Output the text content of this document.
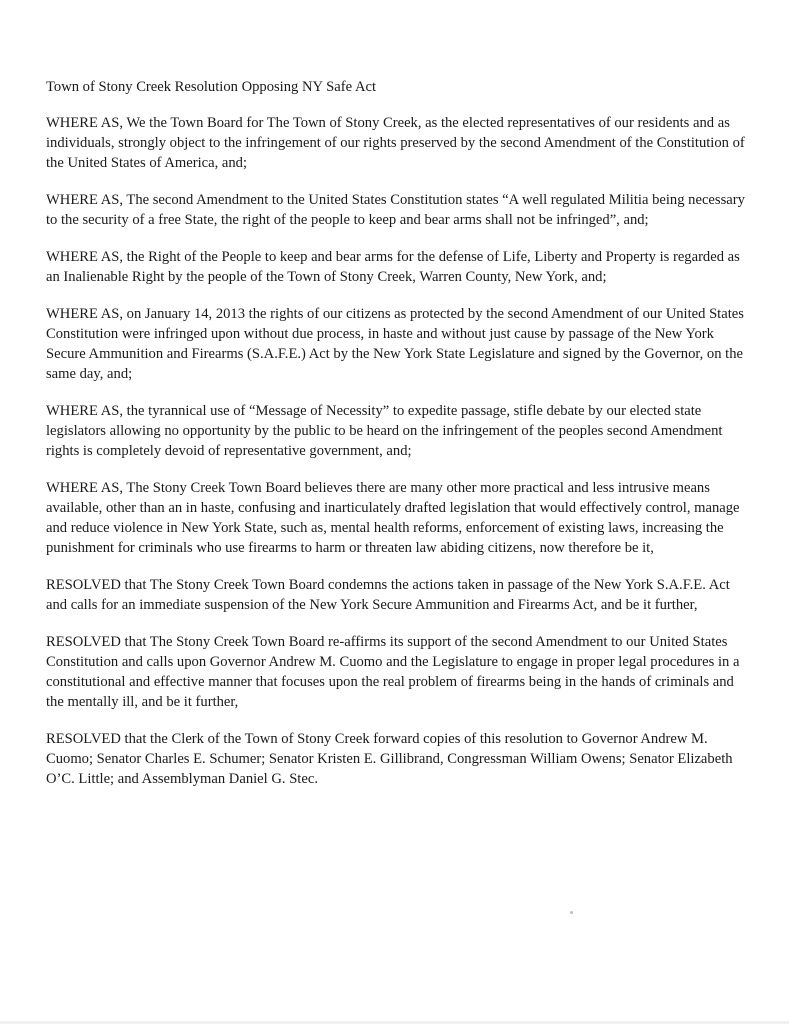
Town of Stony Creek Resolution Opposing NY Safe Act

WHERE AS, We the Town Board for The Town of Stony Creek, as the elected representatives of our residents and as individuals, strongly object to the infringement of our rights preserved by the second Amendment of the Constitution of the United States of America, and;

WHERE AS, The second Amendment to the United States Constitution states “A well regulated Militia being necessary to the security of a free State, the right of the people to keep and bear arms shall not be infringed”, and;

WHERE AS, the Right of the People to keep and bear arms for the defense of Life, Liberty and Property is regarded as an Inalienable Right by the people of the Town of Stony Creek, Warren County, New York, and;

WHERE AS, on January 14, 2013 the rights of our citizens as protected by the second Amendment of our United States Constitution were infringed upon without due process, in haste and without just cause by passage of the New York Secure Ammunition and Firearms (S.A.F.E.) Act by the New York State Legislature and signed by the Governor, on the same day, and;

WHERE AS, the tyrannical use of “Message of Necessity” to expedite passage, stifle debate by our elected state legislators allowing no opportunity by the public to be heard on the infringement of the peoples second Amendment rights is completely devoid of representative government, and;

WHERE AS, The Stony Creek Town Board believes there are many other more practical and less intrusive means available, other than an in haste, confusing and inarticulately drafted legislation that would effectively control, manage and reduce violence in New York State, such as, mental health reforms, enforcement of existing laws, increasing the punishment for criminals who use firearms to harm or threaten law abiding citizens, now therefore be it,

RESOLVED that The Stony Creek Town Board condemns the actions taken in passage of the New York S.A.F.E. Act and calls for an immediate suspension of the New York Secure Ammunition and Firearms Act, and be it further,

RESOLVED that The Stony Creek Town Board re-affirms its support of the second Amendment to our United States Constitution and calls upon Governor Andrew M. Cuomo and the Legislature to engage in proper legal procedures in a constitutional and effective manner that focuses upon the real problem of firearms being in the hands of criminals and the mentally ill, and be it further,

RESOLVED that the Clerk of the Town of Stony Creek forward copies of this resolution to Governor Andrew M. Cuomo; Senator Charles E. Schumer; Senator Kristen E. Gillibrand, Congressman William Owens; Senator Elizabeth O’C. Little; and Assemblyman Daniel G. Stec.
